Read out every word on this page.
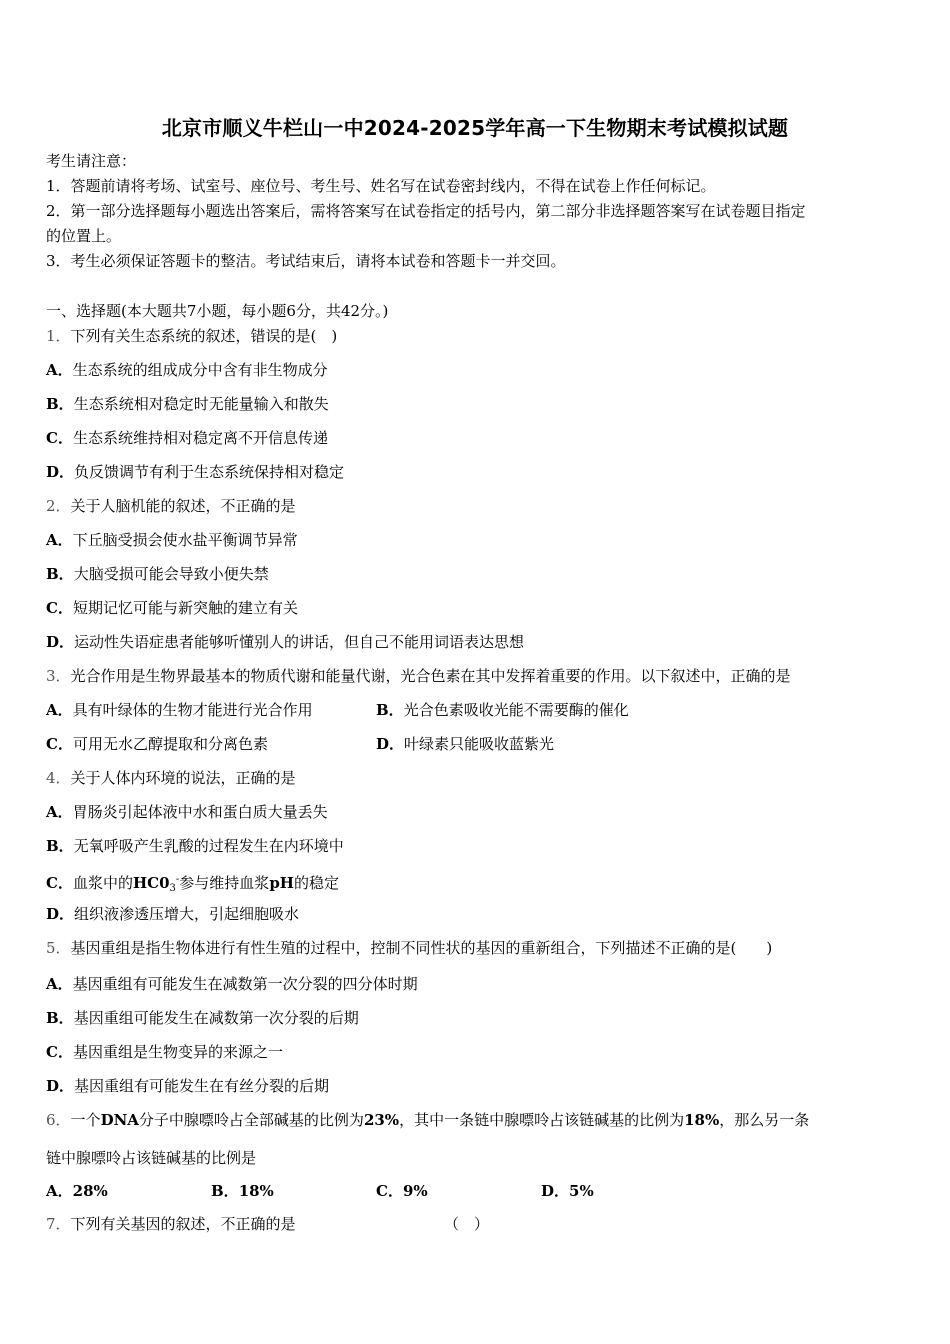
北京市顺义牛栏山一中2024-2025学年高一下生物期末考试模拟试题
考生请注意：
1．答题前请将考场、试室号、座位号、考生号、姓名写在试卷密封线内，不得在试卷上作任何标记。
2．第一部分选择题每小题选出答案后，需将答案写在试卷指定的括号内，第二部分非选择题答案写在试卷题目指定
的位置上。
3．考生必须保证答题卡的整洁。考试结束后，请将本试卷和答题卡一并交回。
一、选择题(本大题共7小题，每小题6分，共42分。)
1．下列有关生态系统的叙述，错误的是(　)
A．生态系统的组成成分中含有非生物成分
B．生态系统相对稳定时无能量输入和散失
C．生态系统维持相对稳定离不开信息传递
D．负反馈调节有利于生态系统保持相对稳定
2．关于人脑机能的叙述，不正确的是
A．下丘脑受损会使水盐平衡调节异常
B．大脑受损可能会导致小便失禁
C．短期记忆可能与新突触的建立有关
D．运动性失语症患者能够听懂别人的讲话，但自己不能用词语表达思想
3．光合作用是生物界最基本的物质代谢和能量代谢，光合色素在其中发挥着重要的作用。以下叙述中，正确的是
A．具有叶绿体的生物才能进行光合作用	B．光合色素吸收光能不需要酶的催化
C．可用无水乙醇提取和分离色素	D．叶绿素只能吸收蓝紫光
4．关于人体内环境的说法，正确的是
A．胃肠炎引起体液中水和蛋白质大量丢失
B．无氧呼吸产生乳酸的过程发生在内环境中
C．血浆中的$HC0_3^-$参与维持血浆pH的稳定
D．组织液渗透压增大，引起细胞吸水
5．基因重组是指生物体进行有性生殖的过程中，控制不同性状的基因的重新组合，下列描述不正确的是(　　)
A．基因重组有可能发生在减数第一次分裂的四分体时期
B．基因重组可能发生在减数第一次分裂的后期
C．基因重组是生物变异的来源之一
D．基因重组有可能发生在有丝分裂的后期
6．一个DNA分子中腺嘌呤占全部碱基的比例为23%，其中一条链中腺嘌呤占该链碱基的比例为18%，那么另一条
链中腺嘌呤占该链碱基的比例是
A．28%	B．18%	C．9%	D．5%
7．下列有关基因的叙述，不正确的是	（　）
